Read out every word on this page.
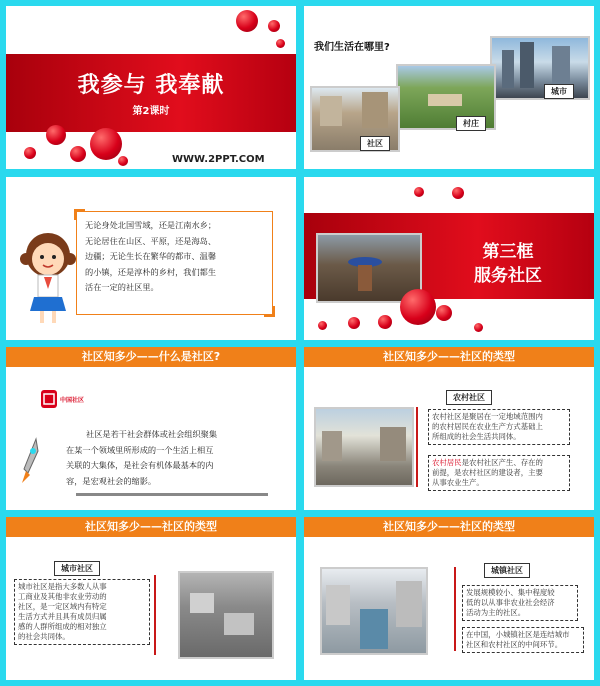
我参与 我奉献
第2课时
WWW.2PPT.COM
我们生活在哪里?
城市
村庄
社区
无论身处北国雪域，还是江南水乡；
无论居住在山区、平原，还是海岛、
边疆；无论生长在繁华的都市、温馨
的小镇，还是淳朴的乡村，我们都生
活在一定的社区里。
第三框
服务社区
社区知多少——什么是社区?
中国社区
社区是若干社会群体或社会组织聚集
在某一个领域里所形成的一个生活上相互
关联的大集体，是社会有机体最基本的内
容，是宏观社会的缩影。
社区知多少——社区的类型
农村社区
农村社区是聚居在一定地域范围内
的农村居民在农业生产方式基础上
所组成的社会生活共同体。
农村居民是农村社区产生、存在的
前提，是农村社区的建设者，主要
从事农业生产。
社区知多少——社区的类型
城市社区
城市社区是指大多数人从事
工商业及其他非农业劳动的
社区，是一定区域内有特定
生活方式并且具有成员归属
感的人群所组成的相对独立
的社会共同体。
社区知多少——社区的类型
城镇社区
发展规模较小、集中程度较
低的以从事非农业社会经济
活动为主的社区。
在中国，小城镇社区是连结城市
社区和农村社区的中间环节。
